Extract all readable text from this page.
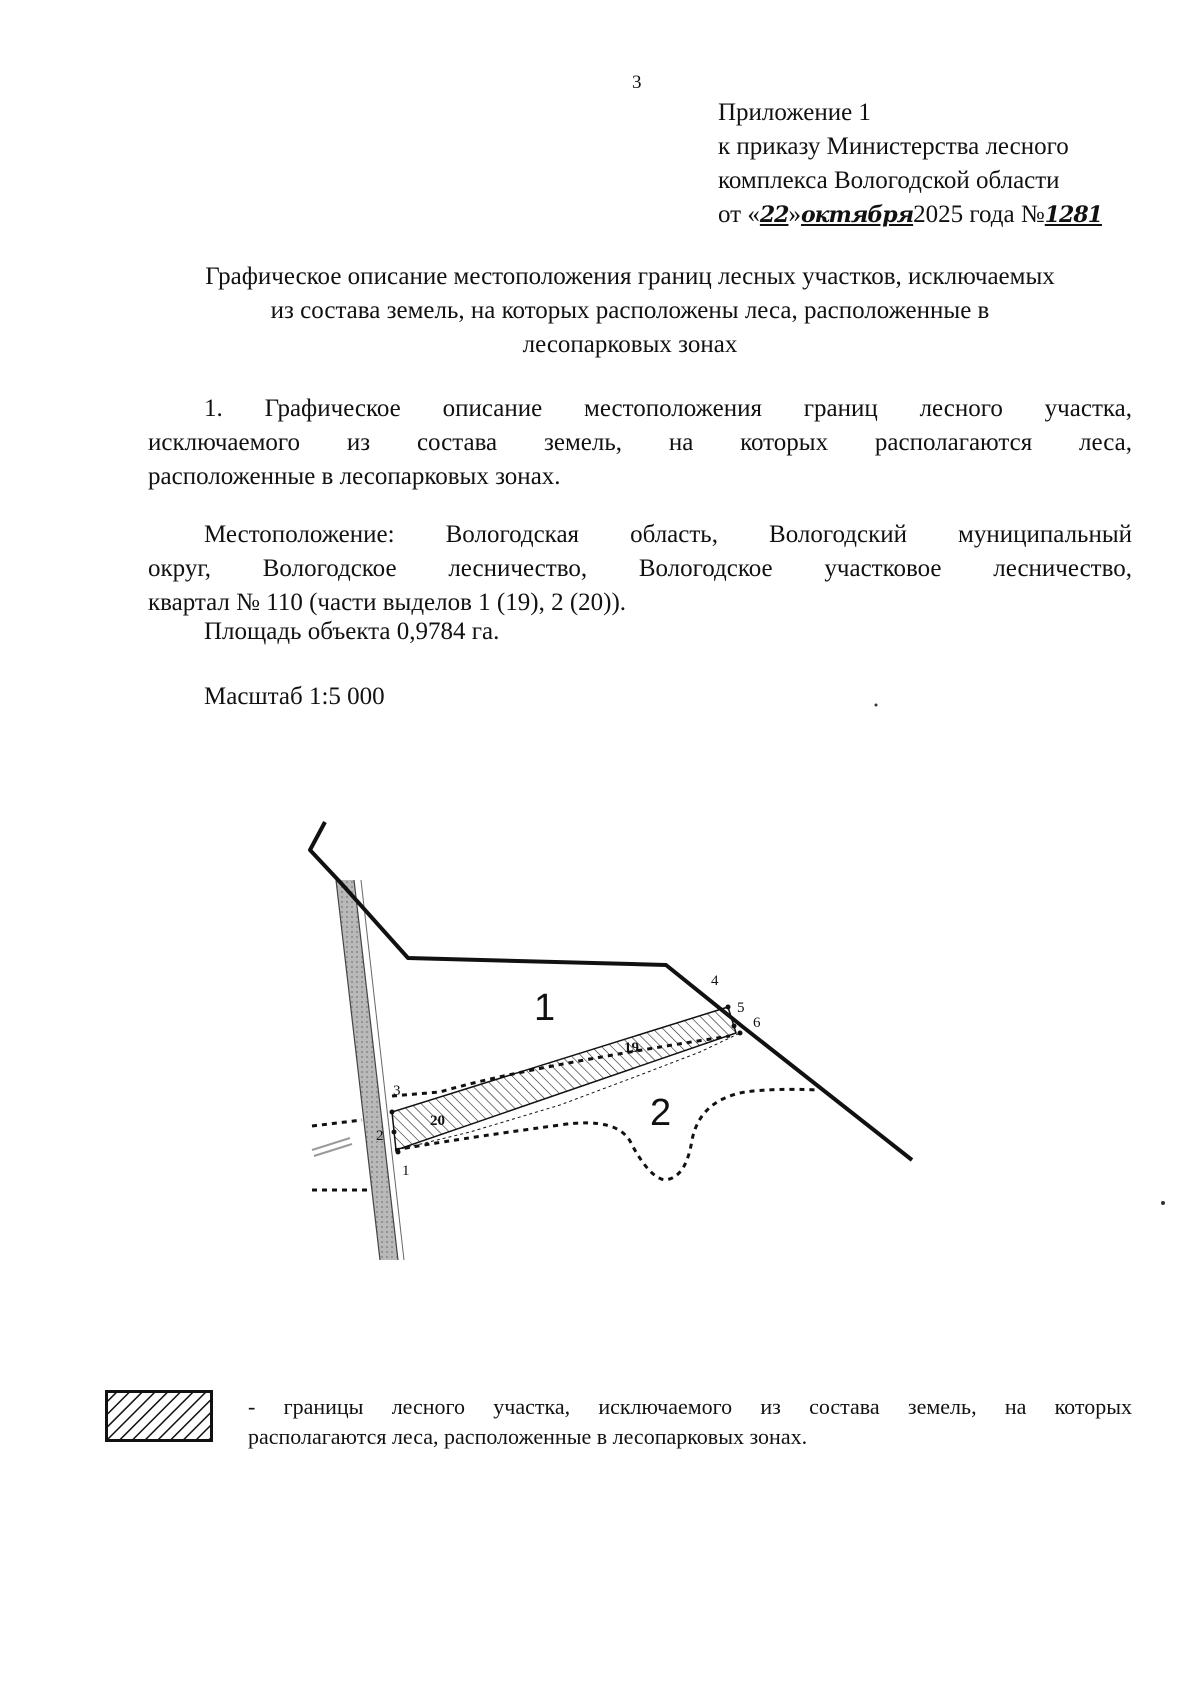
3
Приложение 1
к приказу Министерства лесного
комплекса Вологодской области
от «22»октября2025 года №1281
Графическое описание местоположения границ лесных участков, исключаемых
из состава земель, на которых расположены леса, расположенные в
лесопарковых зонах
1. Графическое описание местоположения границ лесного участка,
исключаемого из состава земель, на которых располагаются леса,
расположенные в лесопарковых зонах.
Местоположение: Вологодская область, Вологодский муниципальный
округ, Вологодское лесничество, Вологодское участковое лесничество,
квартал № 110 (части выделов 1 (19), 2 (20)).
Площадь объекта 0,9784 га.
Масштаб 1:5 000
1
2
19
20
1
2
3
4
5
6
- границы лесного участка, исключаемого из состава земель, на которых
располагаются леса, расположенные в лесопарковых зонах.
